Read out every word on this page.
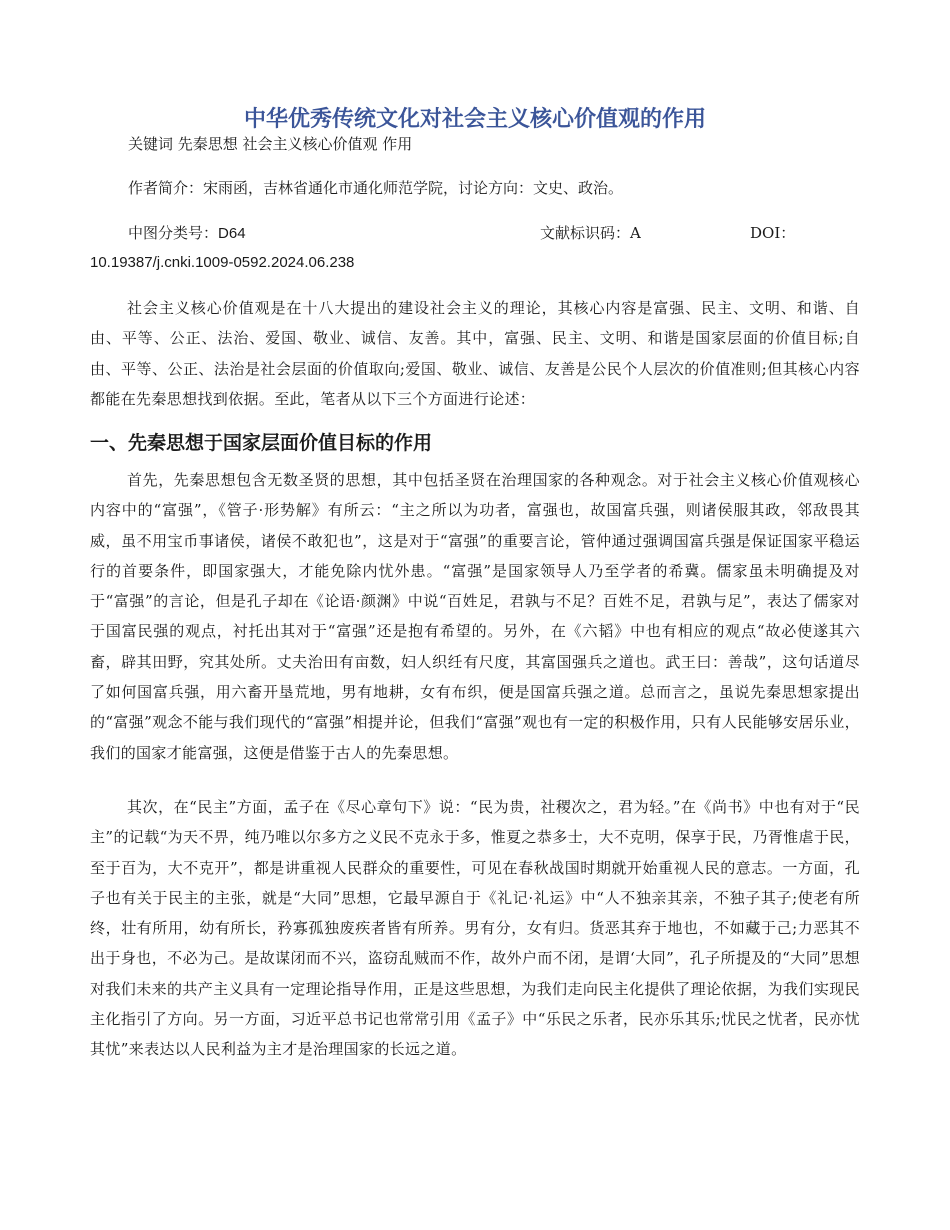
中华优秀传统文化对社会主义核心价值观的作用
关键词 先秦思想 社会主义核心价值观 作用
作者简介：宋雨函，吉林省通化市通化师范学院，讨论方向：文史、政治。
中图分类号：D64	文献标识码：A	DOI：
10.19387/j.cnki.1009-0592.2024.06.238

社会主义核心价值观是在十八大提出的建设社会主义的理论，其核心内容是富强、民主、文明、和谐、自由、平等、公正、法治、爱国、敬业、诚信、友善。其中，富强、民主、文明、和谐是国家层面的价值目标;自由、平等、公正、法治是社会层面的价值取向;爱国、敬业、诚信、友善是公民个人层次的价值准则;但其核心内容都能在先秦思想找到依据。至此，笔者从以下三个方面进行论述：

一、先秦思想于国家层面价值目标的作用

首先，先秦思想包含无数圣贤的思想，其中包括圣贤在治理国家的各种观念。对于社会主义核心价值观核心内容中的“富强”，《管子·形势解》有所云：“主之所以为功者，富强也，故国富兵强，则诸侯服其政，邻敌畏其威，虽不用宝币事诸侯，诸侯不敢犯也”，这是对于“富强”的重要言论，管仲通过强调国富兵强是保证国家平稳运行的首要条件，即国家强大，才能免除内忧外患。“富强”是国家领导人乃至学者的希冀。儒家虽未明确提及对于“富强”的言论，但是孔子却在《论语·颜渊》中说“百姓足，君孰与不足？百姓不足，君孰与足”，表达了儒家对于国富民强的观点，衬托出其对于“富强”还是抱有希望的。另外，在《六韬》中也有相应的观点“故必使遂其六畜，辟其田野，究其处所。丈夫治田有亩数，妇人织纴有尺度，其富国强兵之道也。武王曰：善哉”，这句话道尽了如何国富兵强，用六畜开垦荒地，男有地耕，女有布织，便是国富兵强之道。总而言之，虽说先秦思想家提出的“富强”观念不能与我们现代的“富强”相提并论，但我们“富强”观也有一定的积极作用，只有人民能够安居乐业，我们的国家才能富强，这便是借鉴于古人的先秦思想。

其次，在“民主”方面，孟子在《尽心章句下》说：“民为贵，社稷次之，君为轻。”在《尚书》中也有对于“民主”的记载“为天不畀，纯乃唯以尔多方之义民不克永于多，惟夏之恭多士，大不克明，保享于民，乃胥惟虐于民，至于百为，大不克开”，都是讲重视人民群众的重要性，可见在春秋战国时期就开始重视人民的意志。一方面，孔子也有关于民主的主张，就是“大同”思想，它最早源自于《礼记·礼运》中“人不独亲其亲，不独子其子;使老有所终，壮有所用，幼有所长，矜寡孤独废疾者皆有所养。男有分，女有归。货恶其弃于地也，不如藏于己;力恶其不出于身也，不必为己。是故谋闭而不兴，盗窃乱贼而不作，故外户而不闭，是谓‘大同”，孔子所提及的“大同”思想对我们未来的共产主义具有一定理论指导作用，正是这些思想，为我们走向民主化提供了理论依据，为我们实现民主化指引了方向。另一方面，习近平总书记也常常引用《孟子》中“乐民之乐者，民亦乐其乐;忧民之忧者，民亦忧其忧”来表达以人民利益为主才是治理国家的长远之道。
